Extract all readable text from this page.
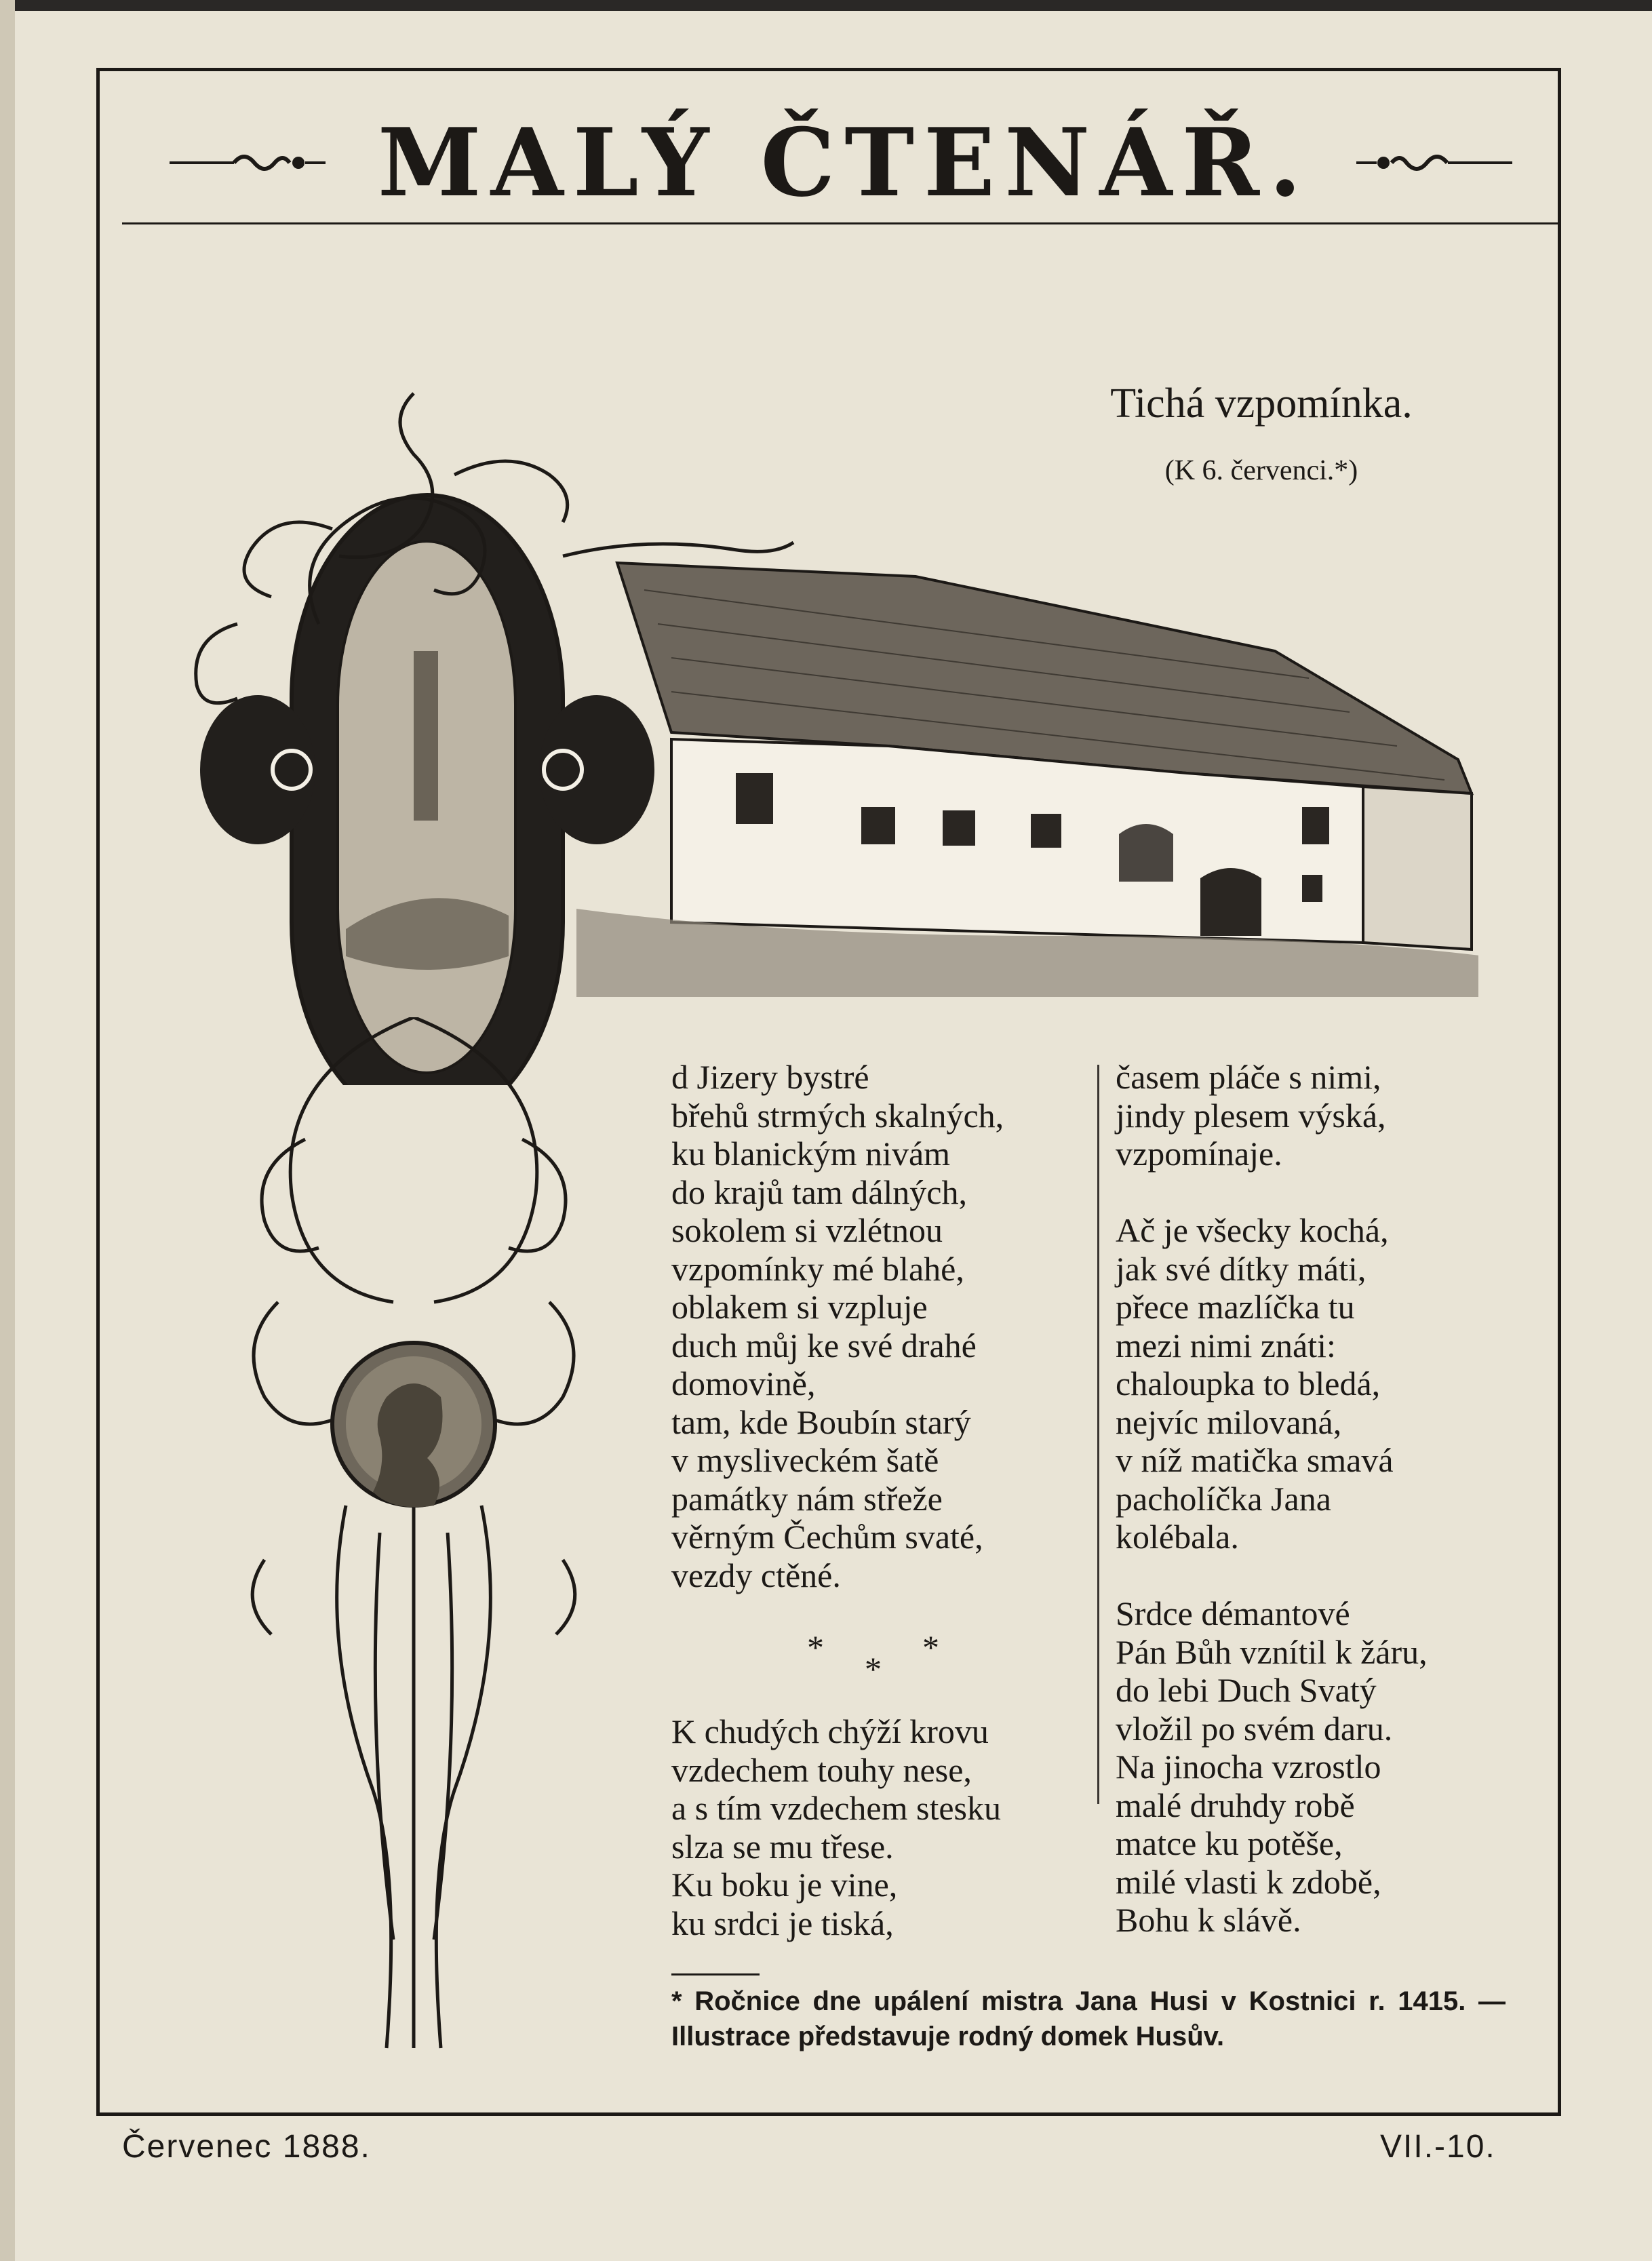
MALÝ ČTENÁŘ.
Tichá vzpomínka.
(K 6. červenci.*)
d Jizery bystré
břehů strmých skalných,
ku blanickým nivám
do krajů tam dálných,
sokolem si vzlétnou
vzpomínky mé blahé,
oblakem si vzpluje
duch můj ke své drahé
domovině,
tam, kde Boubín starý
v mysliveckém šatě
památky nám střeže
věrným Čechům svaté,
vezdy ctěné.
*
*
*
K chudých chýží krovu
vzdechem touhy nese,
a s tím vzdechem stesku
slza se mu třese.
Ku boku je vine,
ku srdci je tiská,
časem pláče s nimi,
jindy plesem výská,
vzpomínaje.

Ač je všecky kochá,
jak své dítky máti,
přece mazlíčka tu
mezi nimi znáti:
chaloupka to bledá,
nejvíc milovaná,
v níž matička smavá
pacholíčka Jana
kolébala.

Srdce démantové
Pán Bůh vznítil k žáru,
do lebi Duch Svatý
vložil po svém daru.
Na jinocha vzrostlo
malé druhdy robě
matce ku potěše,
milé vlasti k zdobě,
Bohu k slávě.
* Ročnice dne upálení mistra Jana Husi v Kostnici r. 1415. — Illustrace představuje rodný domek Husův.
Červenec 1888.	VII.-10.
